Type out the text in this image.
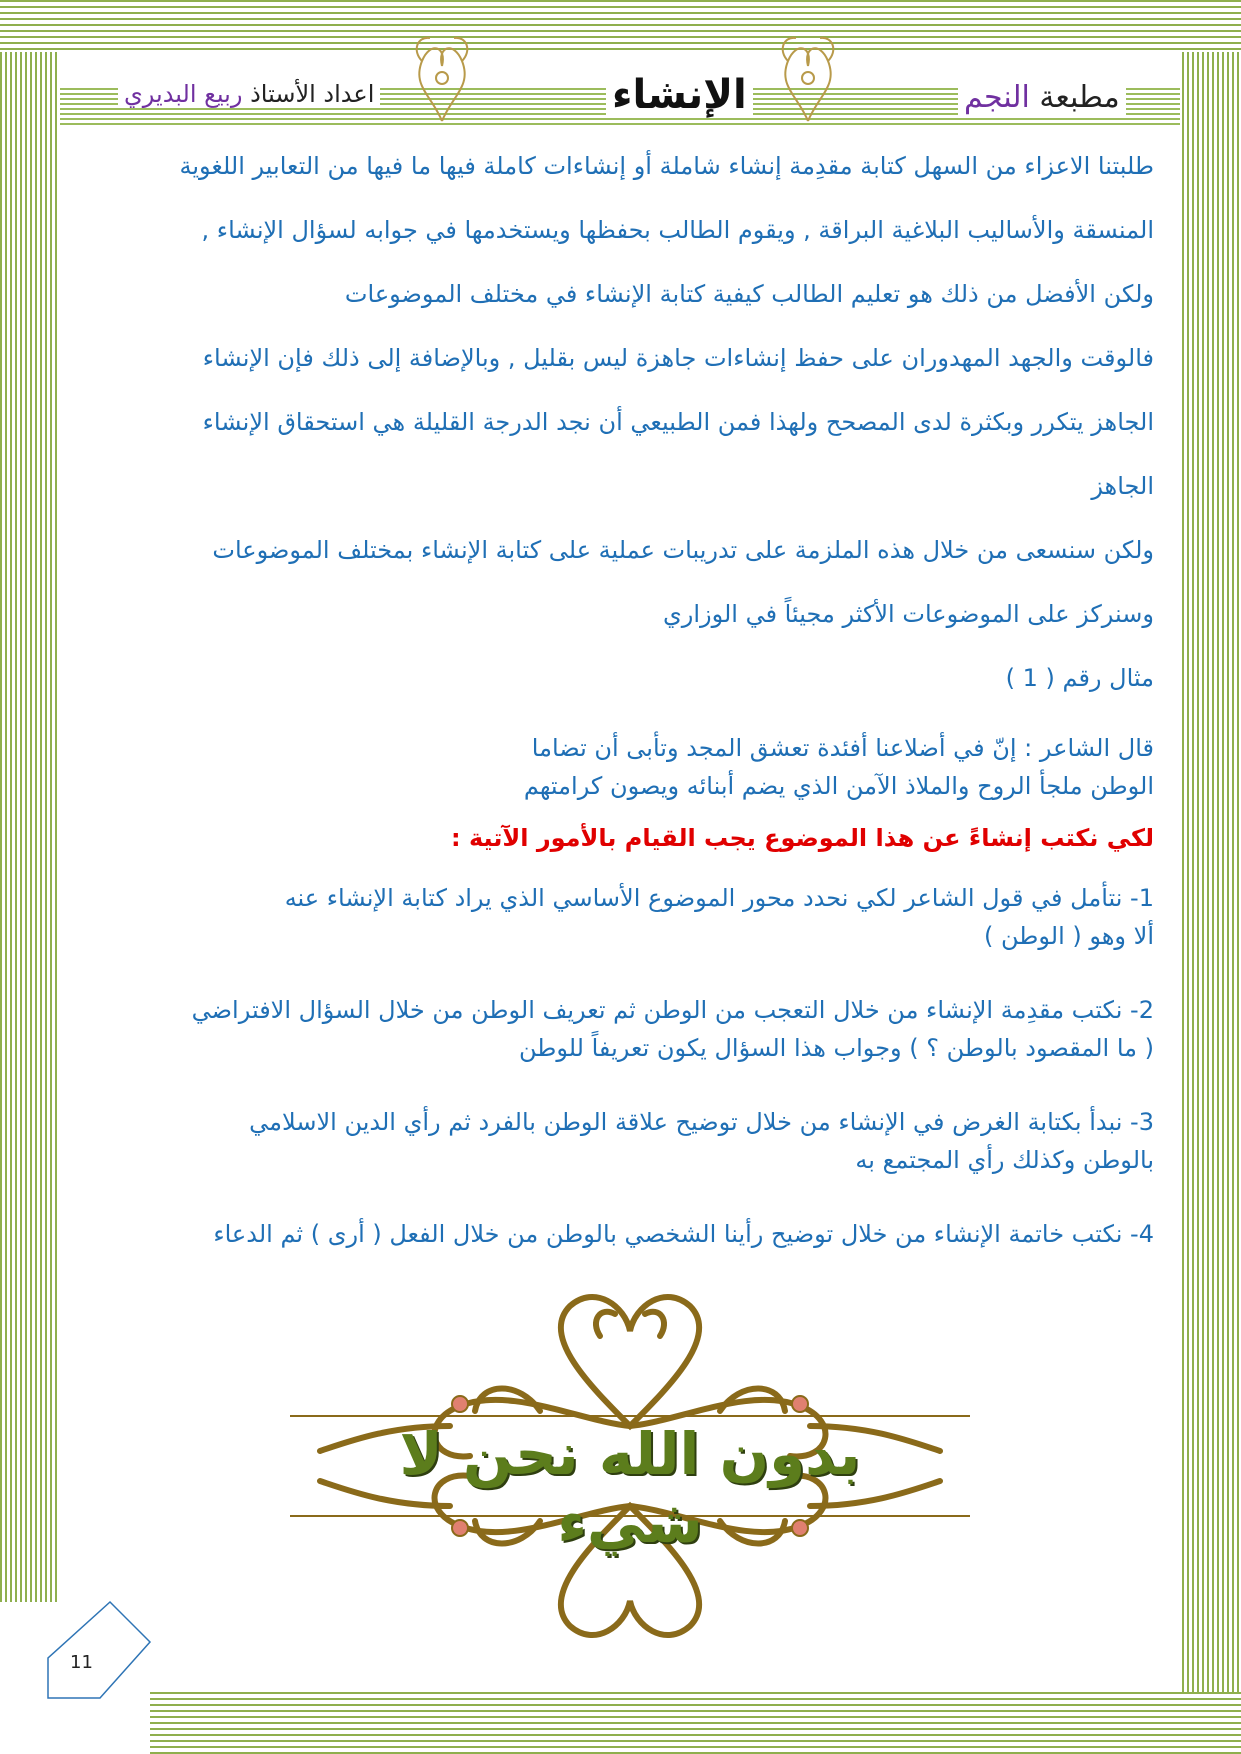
مطبعة النجم
الإنشاء
اعداد الأستاذ ربيع البديري
طلبتنا الاعزاء من السهل كتابة مقدِمة إنشاء شاملة أو إنشاءات كاملة فيها ما فيها من التعابير اللغوية
المنسقة والأساليب البلاغية البراقة , ويقوم الطالب بحفظها ويستخدمها في جوابه لسؤال الإنشاء ,
ولكن الأفضل من ذلك هو تعليم الطالب كيفية كتابة الإنشاء في مختلف الموضوعات
فالوقت والجهد المهدوران على حفظ إنشاءات جاهزة ليس بقليل , وبالإضافة إلى ذلك فإن الإنشاء
الجاهز يتكرر وبكثرة لدى المصحح ولهذا فمن الطبيعي أن نجد الدرجة القليلة هي استحقاق الإنشاء
الجاهز
ولكن سنسعى من خلال هذه الملزمة على تدريبات عملية على كتابة الإنشاء بمختلف الموضوعات
وسنركز على الموضوعات الأكثر مجيئاً في الوزاري
مثال رقم ( 1 )
قال الشاعر : إنّ في أضلاعنا أفئدة تعشق المجد وتأبى أن تضاما
الوطن ملجأ الروح والملاذ الآمن الذي يضم أبنائه ويصون كرامتهم
لكي نكتب إنشاءً عن هذا الموضوع يجب القيام بالأمور الآتية :
1- نتأمل في قول الشاعر لكي نحدد محور الموضوع الأساسي الذي يراد كتابة الإنشاء عنه
ألا وهو ( الوطن )
2- نكتب مقدِمة الإنشاء من خلال التعجب من الوطن ثم تعريف الوطن من خلال السؤال الافتراضي
( ما المقصود بالوطن ؟ ) وجواب هذا السؤال يكون تعريفاً للوطن
3- نبدأ بكتابة الغرض في الإنشاء من خلال توضيح علاقة الوطن بالفرد ثم رأي الدين الاسلامي
بالوطن وكذلك رأي المجتمع به
4- نكتب خاتمة الإنشاء من خلال توضيح رأينا الشخصي بالوطن من خلال الفعل ( أرى ) ثم الدعاء
بدون الله نحن لا شيء
11
